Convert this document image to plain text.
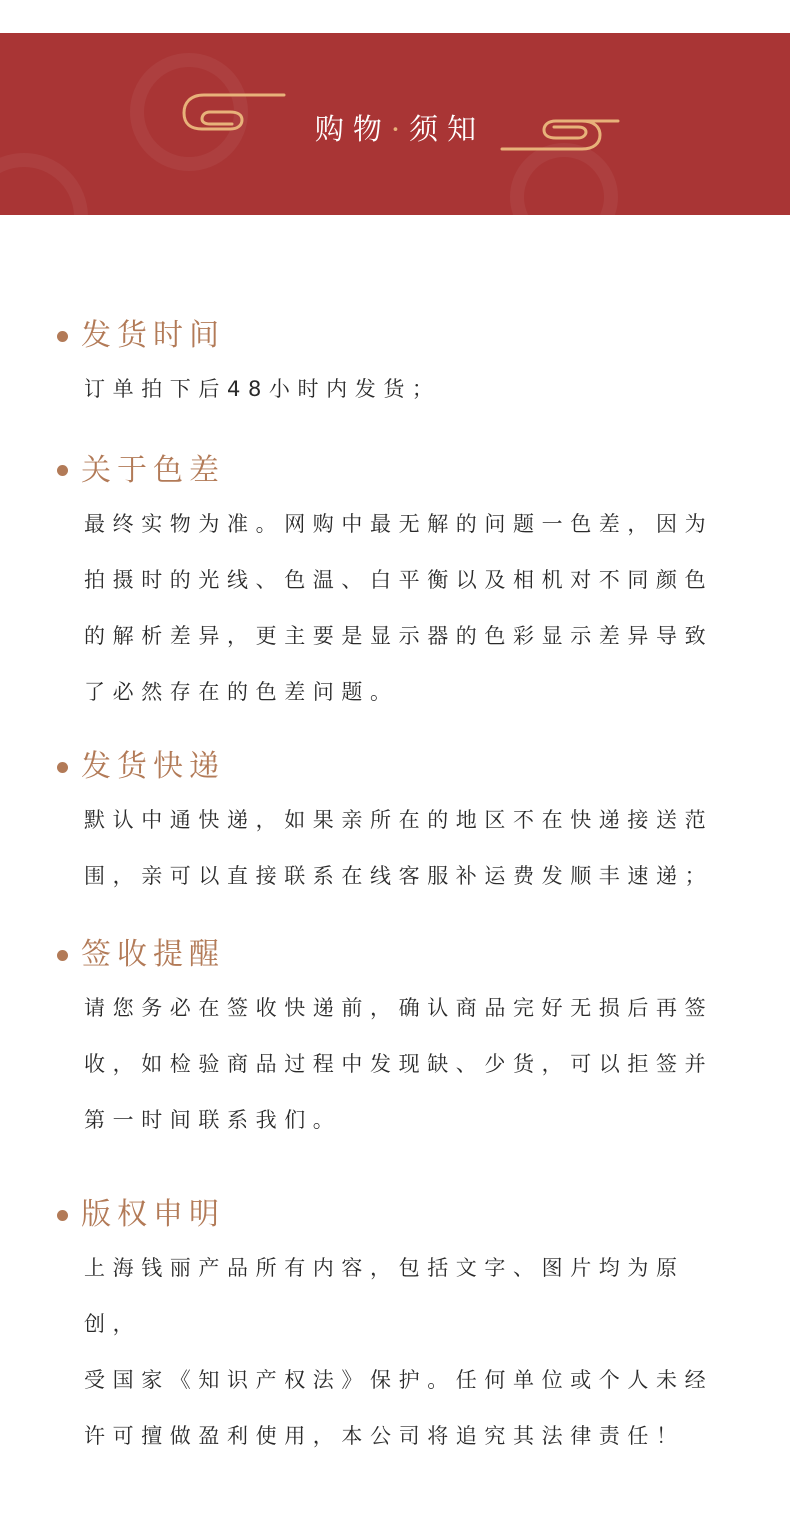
购物·须知
发货时间
订单拍下后48小时内发货；
关于色差
最终实物为准。网购中最无解的问题一色差，因为
拍摄时的光线、色温、白平衡以及相机对不同颜色
的解析差异，更主要是显示器的色彩显示差异导致
了必然存在的色差问题。
发货快递
默认中通快递，如果亲所在的地区不在快递接送范
围，亲可以直接联系在线客服补运费发顺丰速递；
签收提醒
请您务必在签收快递前，确认商品完好无损后再签
收，如检验商品过程中发现缺、少货，可以拒签并
第一时间联系我们。
版权申明
上海钱丽产品所有内容，包括文字、图片均为原创，
受国家《知识产权法》保护。任何单位或个人未经
许可擅做盈利使用，本公司将追究其法律责任！
